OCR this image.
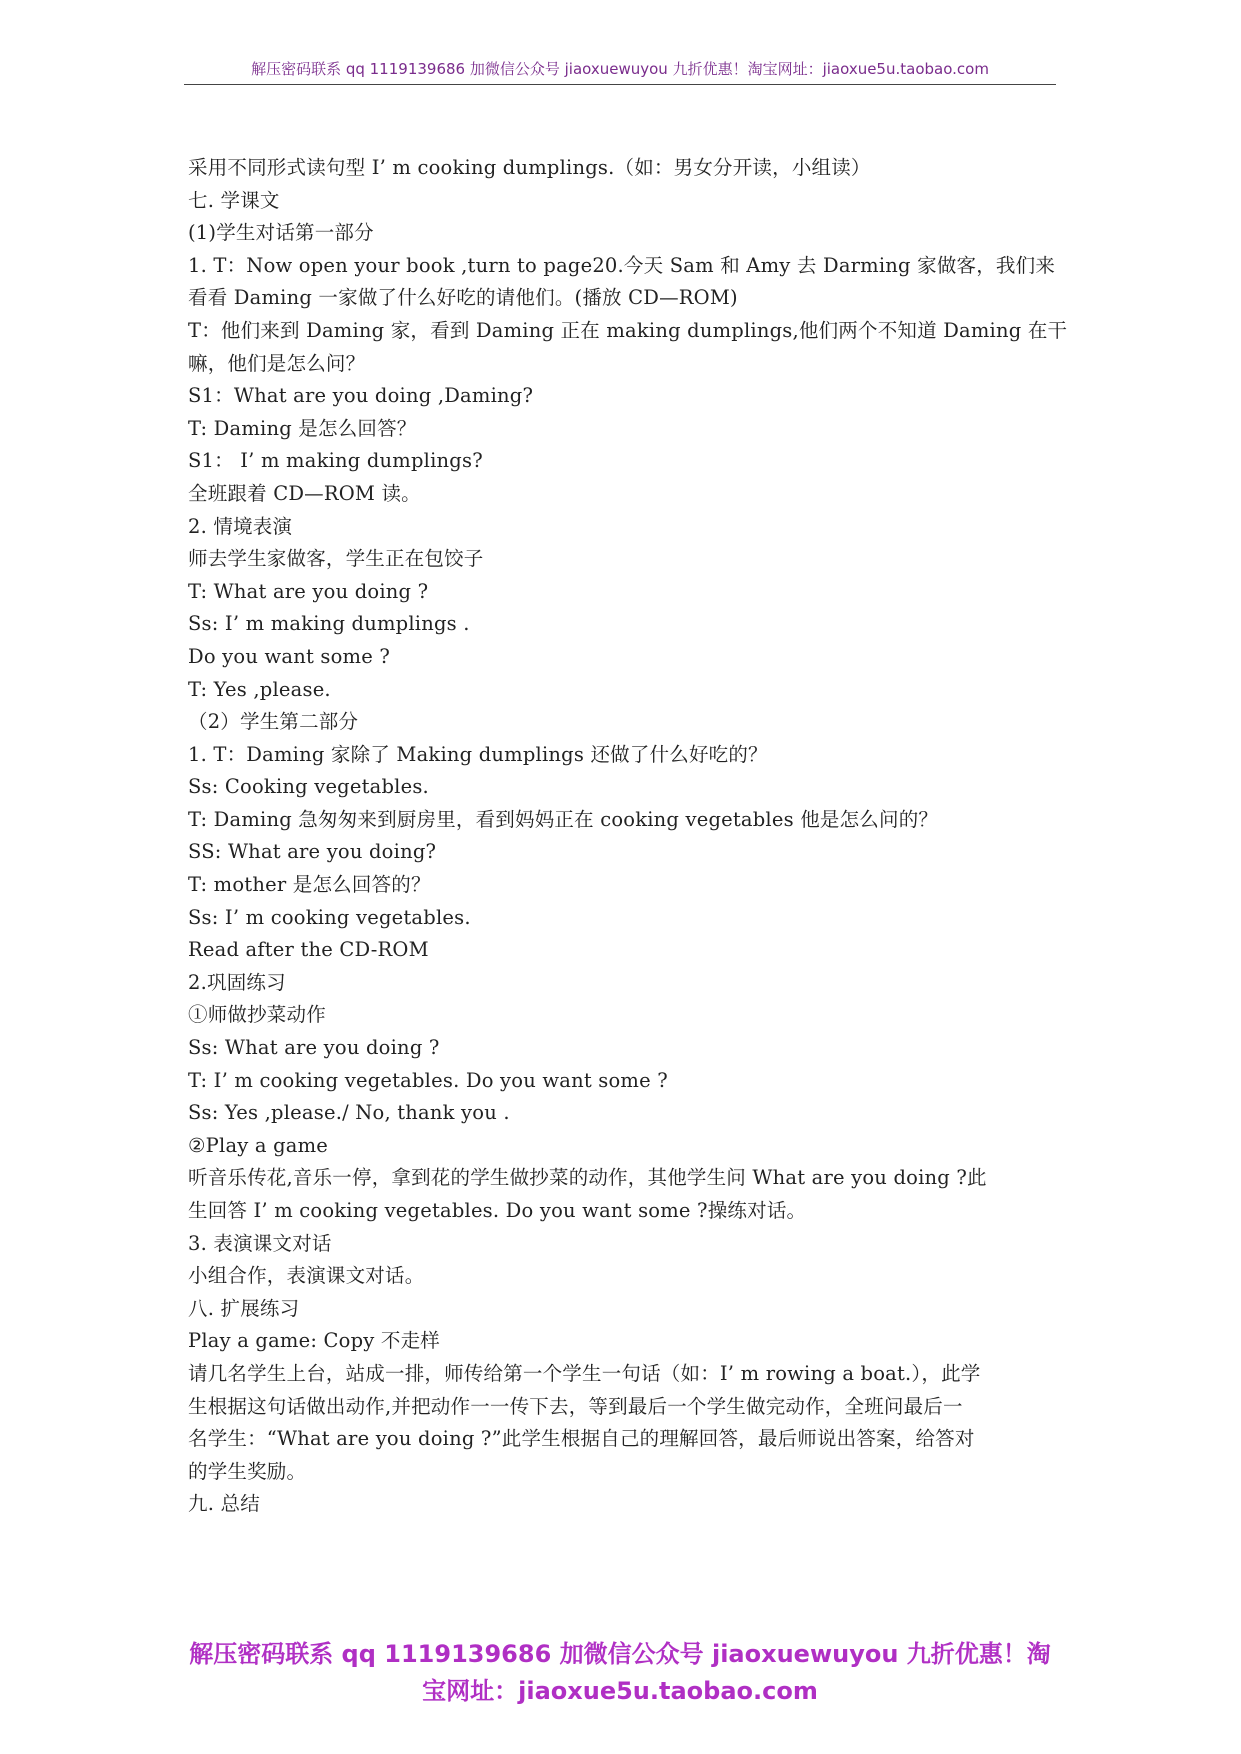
解压密码联系 qq 1119139686 加微信公众号 jiaoxuewuyou 九折优惠！淘宝网址：jiaoxue5u.taobao.com
采用不同形式读句型 I’ m cooking dumplings.（如：男女分开读，小组读）
七. 学课文
(1)学生对话第一部分
1. T：Now open your book ,turn to page20.今天 Sam 和 Amy 去 Darming 家做客，我们来
看看 Daming 一家做了什么好吃的请他们。(播放 CD—ROM)
T：他们来到 Daming 家，看到 Daming 正在 making dumplings,他们两个不知道 Daming 在干
嘛，他们是怎么问？
S1：What are you doing ,Daming?
T: Daming 是怎么回答？
S1： I’ m making dumplings?
全班跟着 CD—ROM 读。
2. 情境表演
师去学生家做客，学生正在包饺子
T: What are you doing ?
Ss: I’ m making dumplings .
Do you want some ?
T: Yes ,please.
（2）学生第二部分
1. T：Daming 家除了 Making dumplings 还做了什么好吃的？
Ss: Cooking vegetables.
T: Daming 急匆匆来到厨房里，看到妈妈正在 cooking vegetables 他是怎么问的？
SS: What are you doing?
T: mother 是怎么回答的？
Ss: I’ m cooking vegetables.
Read after the CD-ROM
2.巩固练习
①师做抄菜动作
Ss: What are you doing ?
T: I’ m cooking vegetables. Do you want some ?
Ss: Yes ,please./ No, thank you .
②Play a game
听音乐传花,音乐一停，拿到花的学生做抄菜的动作，其他学生问 What are you doing ?此
生回答 I’ m cooking vegetables. Do you want some ?操练对话。
3. 表演课文对话
小组合作，表演课文对话。
八. 扩展练习
Play a game: Copy 不走样
请几名学生上台，站成一排，师传给第一个学生一句话（如：I’ m rowing a boat.），此学
生根据这句话做出动作,并把动作一一传下去，等到最后一个学生做完动作，全班问最后一
名学生：“What are you doing ?”此学生根据自己的理解回答，最后师说出答案，给答对
的学生奖励。
九. 总结
解压密码联系 qq 1119139686 加微信公众号 jiaoxuewuyou 九折优惠！淘
宝网址：jiaoxue5u.taobao.com
